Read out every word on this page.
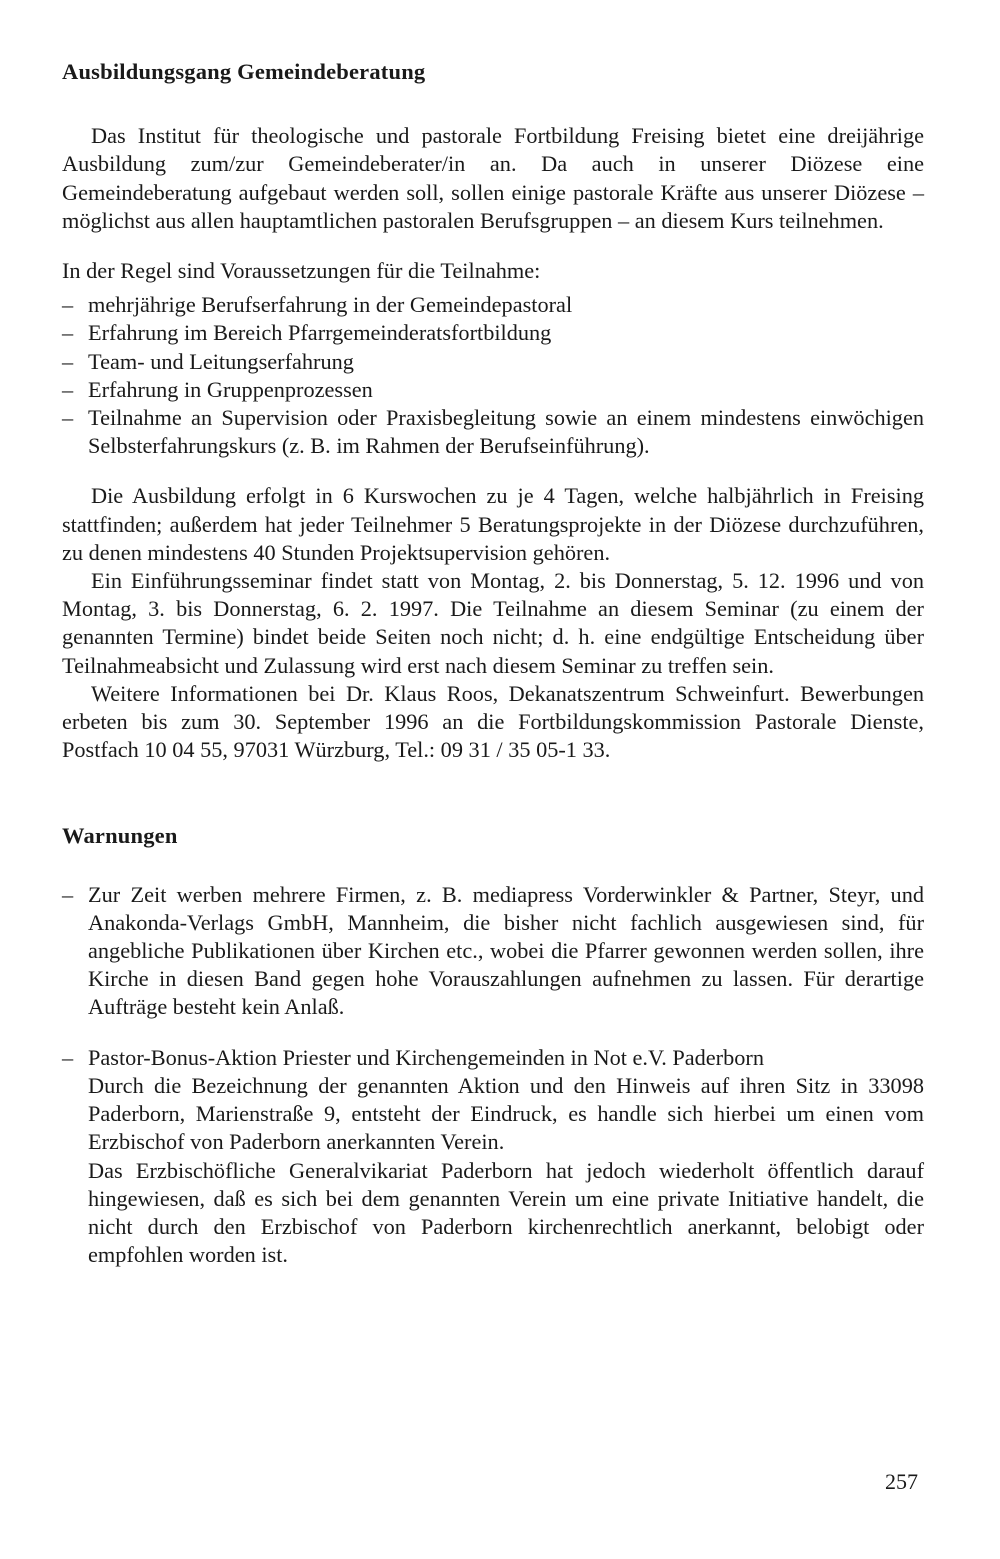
Ausbildungsgang Gemeindeberatung

Das Institut für theologische und pastorale Fortbildung Freising bietet eine dreijährige Ausbildung zum/zur Gemeindeberater/in an. Da auch in unserer Diözese eine Gemeindeberatung aufgebaut werden soll, sollen einige pastorale Kräfte aus unserer Diözese – möglichst aus allen hauptamtlichen pastoralen Berufsgruppen – an diesem Kurs teilnehmen.

In der Regel sind Voraussetzungen für die Teilnahme:

– mehrjährige Berufserfahrung in der Gemeindepastoral
– Erfahrung im Bereich Pfarrgemeinderatsfortbildung
– Team- und Leitungserfahrung
– Erfahrung in Gruppenprozessen
– Teilnahme an Supervision oder Praxisbegleitung sowie an einem mindestens einwöchigen Selbsterfahrungskurs (z. B. im Rahmen der Berufseinführung).

Die Ausbildung erfolgt in 6 Kurswochen zu je 4 Tagen, welche halbjährlich in Freising stattfinden; außerdem hat jeder Teilnehmer 5 Beratungsprojekte in der Diözese durchzuführen, zu denen mindestens 40 Stunden Projektsupervision gehören.

Ein Einführungsseminar findet statt von Montag, 2. bis Donnerstag, 5. 12. 1996 und von Montag, 3. bis Donnerstag, 6. 2. 1997. Die Teilnahme an diesem Seminar (zu einem der genannten Termine) bindet beide Seiten noch nicht; d. h. eine endgültige Entscheidung über Teilnahmeabsicht und Zulassung wird erst nach diesem Seminar zu treffen sein.

Weitere Informationen bei Dr. Klaus Roos, Dekanatszentrum Schweinfurt. Bewerbungen erbeten bis zum 30. September 1996 an die Fortbildungskommission Pastorale Dienste, Postfach 10 04 55, 97031 Würzburg, Tel.: 09 31 / 35 05-1 33.

Warnungen
– Zur Zeit werben mehrere Firmen, z. B. mediapress Vorderwinkler & Partner, Steyr, und Anakonda-Verlags GmbH, Mannheim, die bisher nicht fachlich ausgewiesen sind, für angebliche Publikationen über Kirchen etc., wobei die Pfarrer gewonnen werden sollen, ihre Kirche in diesen Band gegen hohe Vorauszahlungen aufnehmen zu lassen. Für derartige Aufträge besteht kein Anlaß.
– Pastor-Bonus-Aktion Priester und Kirchengemeinden in Not e.V. Paderborn
Durch die Bezeichnung der genannten Aktion und den Hinweis auf ihren Sitz in 33098 Paderborn, Marienstraße 9, entsteht der Eindruck, es handle sich hierbei um einen vom Erzbischof von Paderborn anerkannten Verein.
Das Erzbischöfliche Generalvikariat Paderborn hat jedoch wiederholt öffentlich darauf hingewiesen, daß es sich bei dem genannten Verein um eine private Initiative handelt, die nicht durch den Erzbischof von Paderborn kirchenrechtlich anerkannt, belobigt oder empfohlen worden ist.
257
